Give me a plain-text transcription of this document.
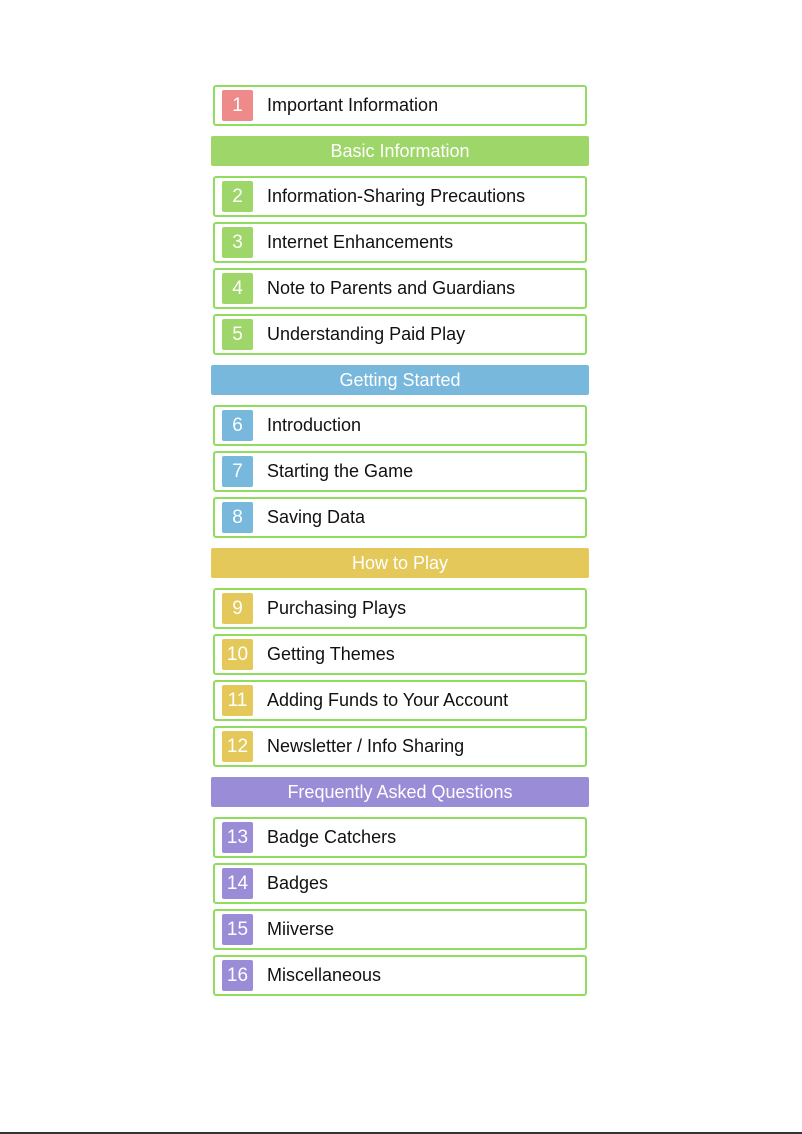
1	Important Information
Basic Information
2	Information-Sharing Precautions
3	Internet Enhancements
4	Note to Parents and Guardians
5	Understanding Paid Play
Getting Started
6	Introduction
7	Starting the Game
8	Saving Data
How to Play
9	Purchasing Plays
10 Getting Themes
11	Adding Funds to Your Account
12 Newsletter / Info Sharing
Frequently Asked Questions
13 Badge Catchers
14 Badges
15 Miiverse
16 Miscellaneous
